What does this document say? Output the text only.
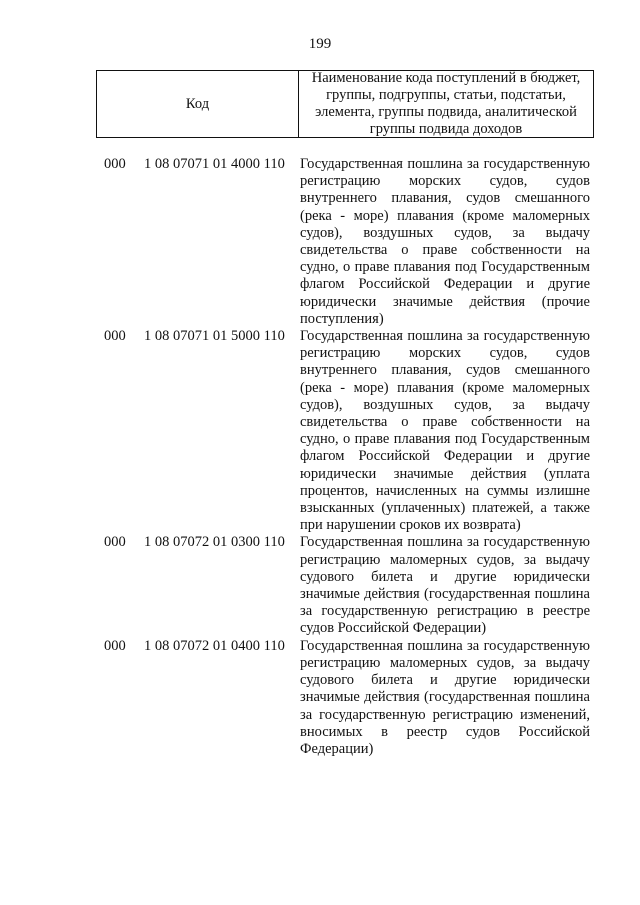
199
Код
Наименование кода поступлений в бюджет, группы, подгруппы, статьи, подстатьи, элемента, группы подвида, аналитической группы подвида доходов
000	1 08 07071 01 4000 110	Государственная пошлина за государственную регистрацию морских судов, судов внутреннего плавания, судов смешанного (река - море) плавания (кроме маломерных судов), воздушных судов, за выдачу свидетельства о праве собственности на судно, о праве плавания под Государственным флагом Российской Федерации и другие юридически значимые действия (прочие поступления)
000	1 08 07071 01 5000 110	Государственная пошлина за государственную регистрацию морских судов, судов внутреннего плавания, судов смешанного (река - море) плавания (кроме маломерных судов), воздушных судов, за выдачу свидетельства о праве собственности на судно, о праве плавания под Государственным флагом Российской Федерации и другие юридически значимые действия (уплата процентов, начисленных на суммы излишне взысканных (уплаченных) платежей, а также при нарушении сроков их возврата)
000	1 08 07072 01 0300 110	Государственная пошлина за государственную регистрацию маломерных судов, за выдачу судового билета и другие юридически значимые действия (государственная пошлина за государственную регистрацию в реестре судов Российской Федерации)
000	1 08 07072 01 0400 110	Государственная пошлина за государственную регистрацию маломерных судов, за выдачу судового билета и другие юридически значимые действия (государственная пошлина за государственную регистрацию изменений, вносимых в реестр судов Российской Федерации)
